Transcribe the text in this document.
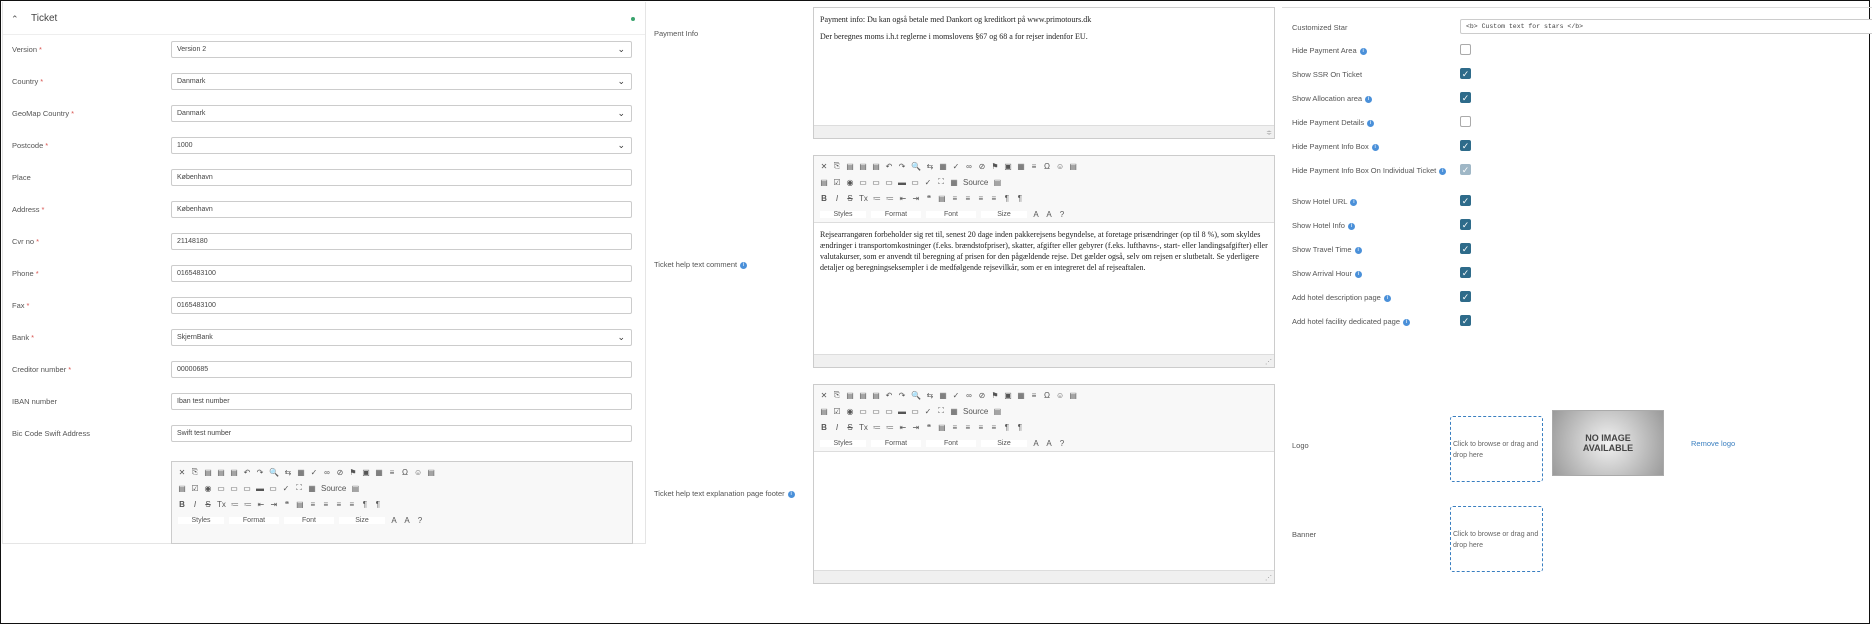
⌃ Ticket
Version *	Version 2	⌄
Country *	Danmark	⌄
GeoMap Country *	Danmark	⌄
Postcode *	1000	⌄
Place	København
Address *	København
Cvr no *	21148180
Phone *	0165483100
Fax *	0165483100
Bank *	SkjernBank	⌄
Creditor number *	00000685
IBAN number	Iban test number
Bic Code Swift Address	Swift test number
✕ ⎘ ▤ ▤ ▤ ↶ ↷ 🔍 ⇆ ▦ ✓ ∞ ⊘ ⚑ ▣ ▦ ≡ Ω ☺ ▤
▤ ☑ ◉ ▭ ▭ ▭ ▬ ▭ ✓ ⛶ ▦ Source ▤
B	I	S Tx ≔ ≔ ⇤ ⇥ ❝ ▤ ≡ ≡ ≡ ≡ ¶ ¶
Styles	Format	Font	Size	A A ?
Payment Info
Payment info: Du kan også betale med Dankort og kreditkort på www.primotours.dk
Der beregnes moms i.h.t reglerne i momslovens §67 og 68 a for rejser indenfor EU.
≑
Ticket help text comment i
✕ ⎘ ▤ ▤ ▤ ↶ ↷ 🔍 ⇆ ▦ ✓ ∞ ⊘ ⚑ ▣ ▦ ≡ Ω ☺ ▤
▤ ☑ ◉ ▭ ▭ ▭ ▬ ▭ ✓ ⛶ ▦ Source ▤
B	I	S Tx ≔ ≔ ⇤ ⇥ ❝ ▤ ≡ ≡ ≡ ≡ ¶ ¶
Styles	Format	Font	Size	A A ?
Rejsearrangøren forbeholder sig ret til, senest 20 dage inden pakkerejsens begyndelse, at foretage prisændringer (op til 8 %), som skyldes ændringer i transportomkostninger (f.eks. brændstofpriser), skatter, afgifter eller gebyrer (f.eks. lufthavns-, start- eller landingsafgifter) eller valutakurser, som er anvendt til beregning af prisen for den pågældende rejse. Det gælder også, selv om rejsen er slutbetalt. Se yderligere detaljer og beregningseksempler i de medfølgende rejsevilkår, som er en integreret del af rejseaftalen.
⋰
Ticket help text explanation page footer i
✕ ⎘ ▤ ▤ ▤ ↶ ↷ 🔍 ⇆ ▦ ✓ ∞ ⊘ ⚑ ▣ ▦ ≡ Ω ☺ ▤
▤ ☑ ◉ ▭ ▭ ▭ ▬ ▭ ✓ ⛶ ▦ Source ▤
B	I	S Tx ≔ ≔ ⇤ ⇥ ❝ ▤ ≡ ≡ ≡ ≡ ¶ ¶
Styles	Format	Font	Size	A A ?
⋰
Customized Star	<b> Custom text for stars </b>
Hide Payment Area i
Show SSR On Ticket	✓
Show Allocation area i	✓
Hide Payment Details i
Hide Payment Info Box i	✓
Hide Payment Info Box On Individual Ticket i	✓
Show Hotel URL i	✓
Show Hotel Info i	✓
Show Travel Time i	✓
Show Arrival Hour i	✓
Add hotel description page i	✓
Add hotel facility dedicated page i	✓
Logo	Click to browse or drag and drop here
NO IMAGE AVAILABLE	Remove logo
Banner	Click to browse or drag and drop here
